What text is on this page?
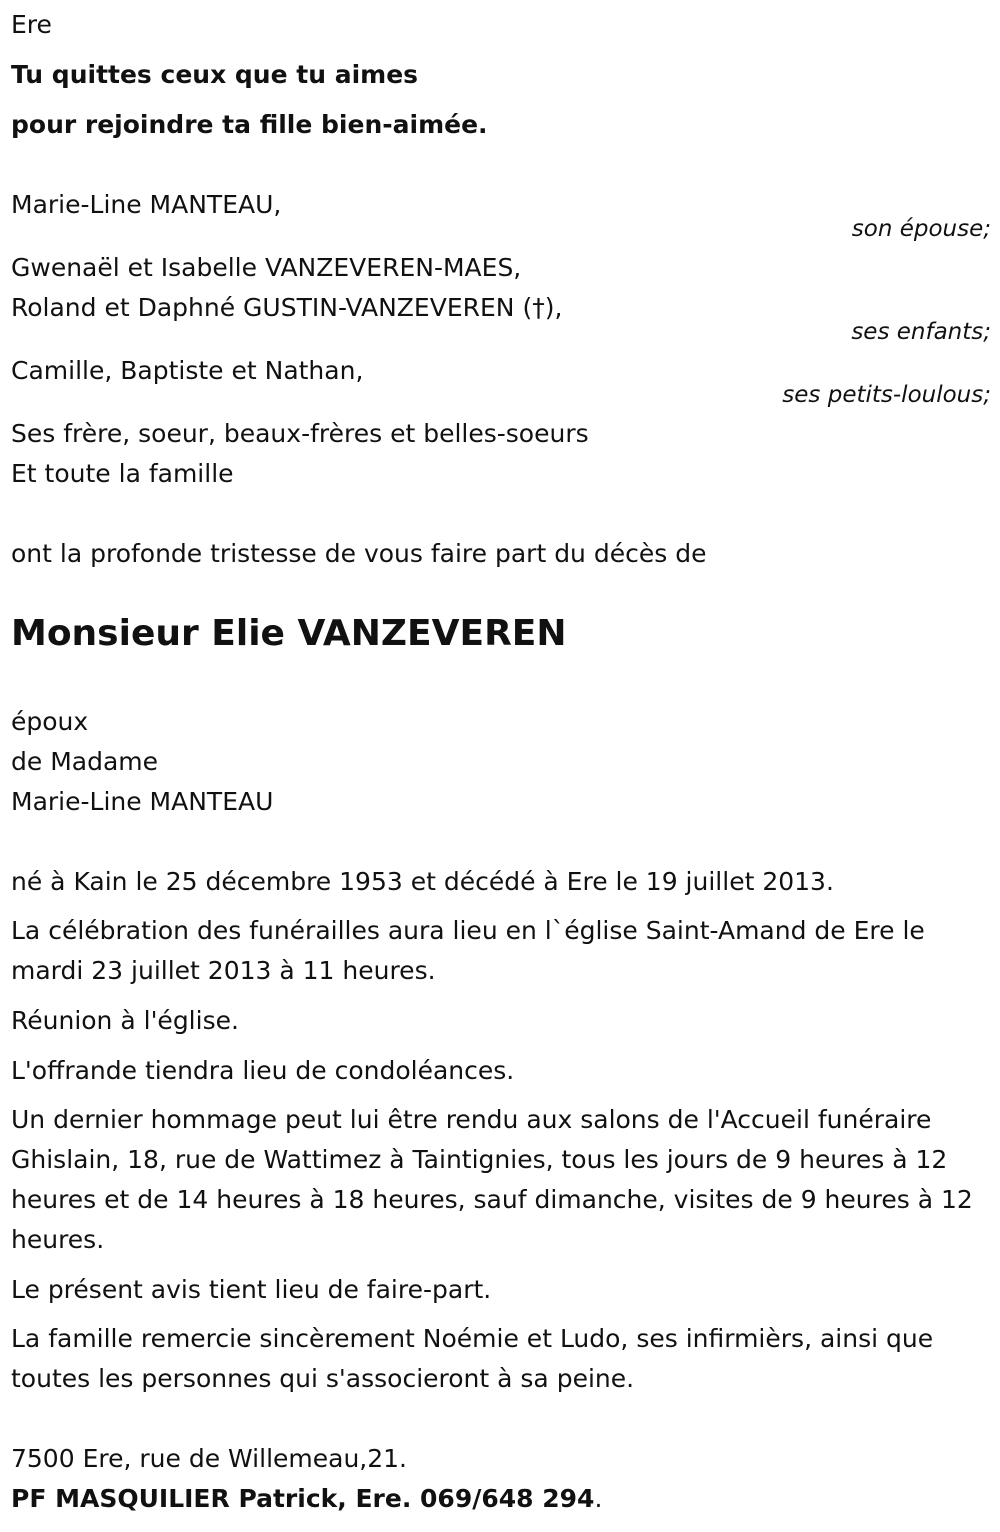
Ere
Tu quittes ceux que tu aimes
pour rejoindre ta fille bien-aimée.
Marie-Line MANTEAU,
son épouse;
Gwenaël et Isabelle VANZEVEREN-MAES,
Roland et Daphné GUSTIN-VANZEVEREN (†),
ses enfants;
Camille, Baptiste et Nathan,
ses petits-loulous;
Ses frère, soeur, beaux-frères et belles-soeurs
Et toute la famille
ont la profonde tristesse de vous faire part du décès de
Monsieur Elie VANZEVEREN
époux
de Madame
Marie-Line MANTEAU
né à Kain le 25 décembre 1953 et décédé à Ere le 19 juillet 2013.
La célébration des funérailles aura lieu en l`église Saint-Amand de Ere le mardi 23 juillet 2013 à 11 heures.
Réunion à l'église.
L'offrande tiendra lieu de condoléances.
Un dernier hommage peut lui être rendu aux salons de l'Accueil funéraire Ghislain, 18, rue de Wattimez à Taintignies, tous les jours de 9 heures à 12 heures et de 14 heures à 18 heures, sauf dimanche, visites de 9 heures à 12 heures.
Le présent avis tient lieu de faire-part.
La famille remercie sincèrement Noémie et Ludo, ses infirmièrs, ainsi que toutes les personnes qui s'associeront à sa peine.
7500 Ere, rue de Willemeau,21.
PF MASQUILIER Patrick, Ere. 069/648 294.
